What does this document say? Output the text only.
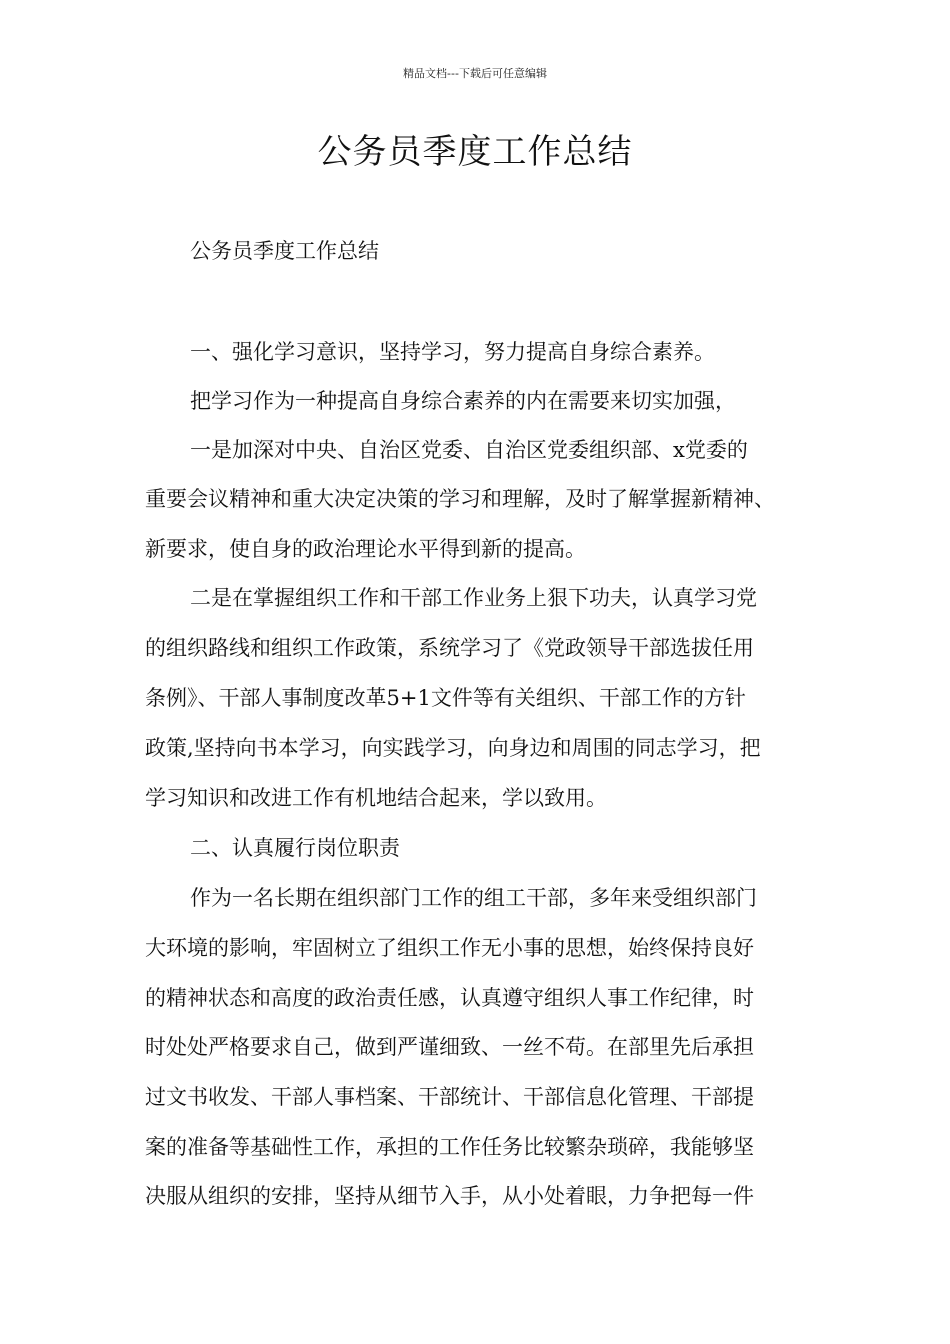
精品文档---下载后可任意编辑
公务员季度工作总结
公务员季度工作总结
一、强化学习意识，坚持学习，努力提高自身综合素养。
把学习作为一种提高自身综合素养的内在需要来切实加强，
一是加深对中央、自治区党委、自治区党委组织部、x党委的
重要会议精神和重大决定决策的学习和理解，及时了解掌握新精神、
新要求，使自身的政治理论水平得到新的提高。
二是在掌握组织工作和干部工作业务上狠下功夫，认真学习党
的组织路线和组织工作政策，系统学习了《党政领导干部选拔任用
条例》、干部人事制度改革5+1文件等有关组织、干部工作的方针
政策,坚持向书本学习，向实践学习，向身边和周围的同志学习，把
学习知识和改进工作有机地结合起来，学以致用。
二、认真履行岗位职责
作为一名长期在组织部门工作的组工干部，多年来受组织部门
大环境的影响，牢固树立了组织工作无小事的思想，始终保持良好
的精神状态和高度的政治责任感，认真遵守组织人事工作纪律，时
时处处严格要求自己，做到严谨细致、一丝不苟。在部里先后承担
过文书收发、干部人事档案、干部统计、干部信息化管理、干部提
案的准备等基础性工作，承担的工作任务比较繁杂琐碎，我能够坚
决服从组织的安排，坚持从细节入手，从小处着眼，力争把每一件
